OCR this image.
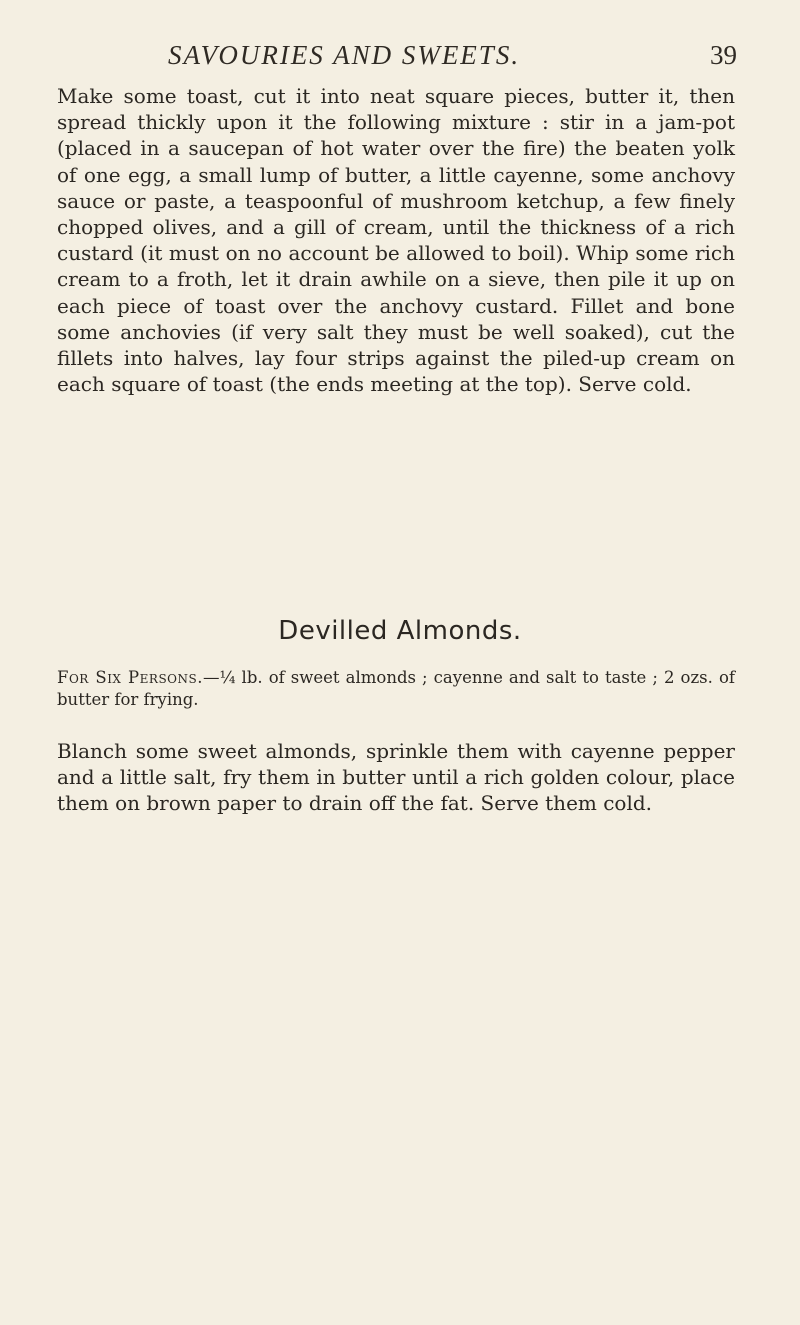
SAVOURIES AND SWEETS.	39

Make some toast, cut it into neat square pieces, butter it, then spread thickly upon it the following mixture : stir in a jam-pot (placed in a saucepan of hot water over the fire) the beaten yolk of one egg, a small lump of butter, a little cayenne, some anchovy sauce or paste, a teaspoonful of mushroom ketchup, a few finely chopped olives, and a gill of cream, until the thickness of a rich custard (it must on no account be allowed to boil). Whip some rich cream to a froth, let it drain awhile on a sieve, then pile it up on each piece of toast over the anchovy custard. Fillet and bone some anchovies (if very salt they must be well soaked), cut the fillets into halves, lay four strips against the piled-up cream on each square of toast (the ends meeting at the top). Serve cold.

Devilled Almonds.
For Six Persons.—¼ lb. of sweet almonds ; cayenne and salt to taste ; 2 ozs. of butter for frying.

Blanch some sweet almonds, sprinkle them with cayenne pepper and a little salt, fry them in butter until a rich golden colour, place them on brown paper to drain off the fat. Serve them cold.
